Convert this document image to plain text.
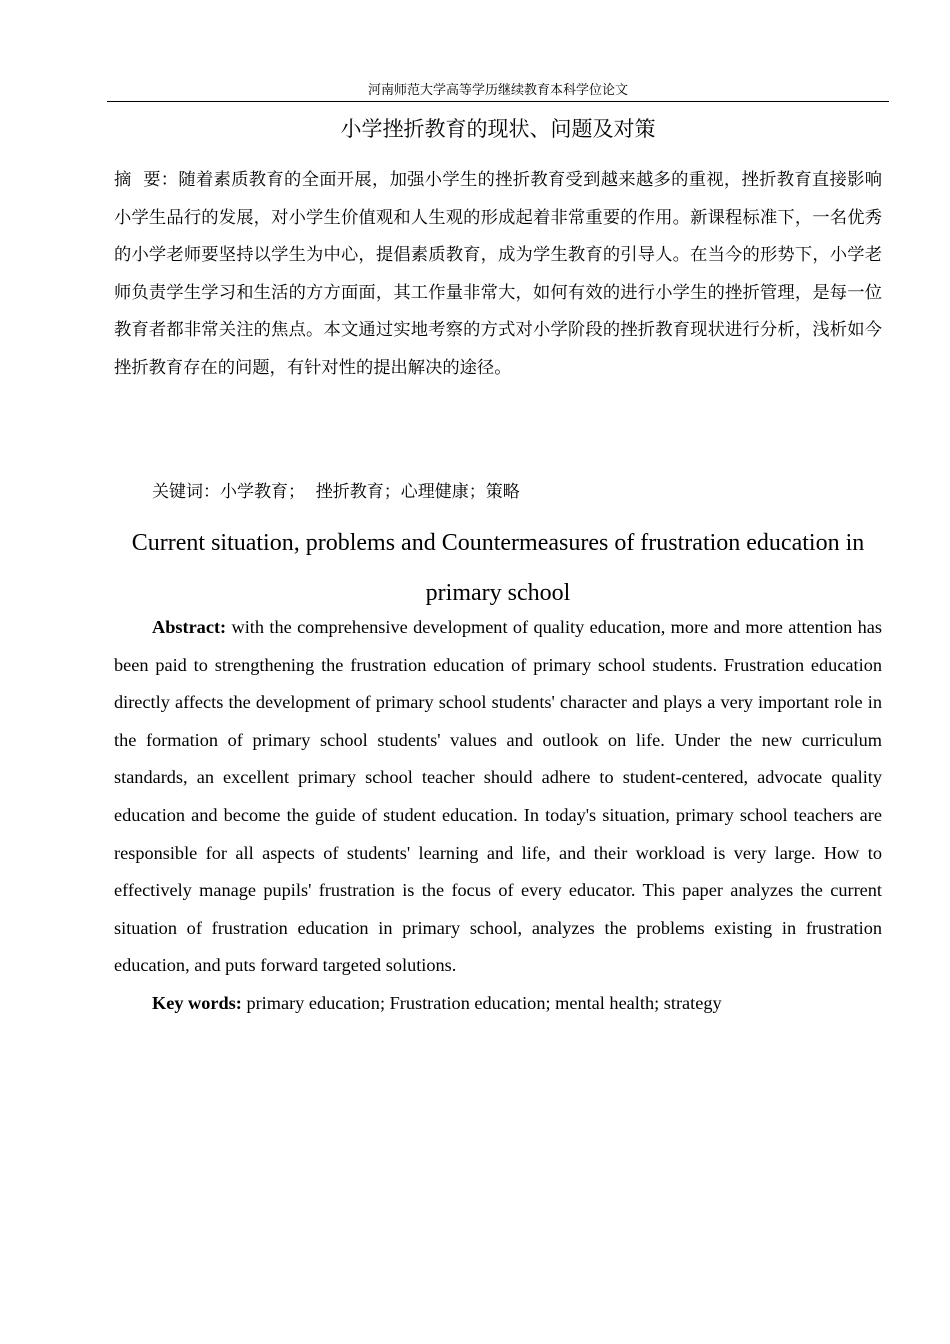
河南师范大学高等学历继续教育本科学位论文
小学挫折教育的现状、问题及对策
摘  要：随着素质教育的全面开展，加强小学生的挫折教育受到越来越多的重视，挫折教育直接影响小学生品行的发展，对小学生价值观和人生观的形成起着非常重要的作用。新课程标准下，一名优秀的小学老师要坚持以学生为中心，提倡素质教育，成为学生教育的引导人。在当今的形势下，小学老师负责学生学习和生活的方方面面，其工作量非常大，如何有效的进行小学生的挫折管理，是每一位教育者都非常关注的焦点。本文通过实地考察的方式对小学阶段的挫折教育现状进行分析，浅析如今挫折教育存在的问题，有针对性的提出解决的途径。
关键词：小学教育；  挫折教育；心理健康；策略
Current situation, problems and Countermeasures of frustration education in primary school
Abstract: with the comprehensive development of quality education, more and more attention has been paid to strengthening the frustration education of primary school students. Frustration education directly affects the development of primary school students' character and plays a very important role in the formation of primary school students' values and outlook on life. Under the new curriculum standards, an excellent primary school teacher should adhere to student-centered, advocate quality education and become the guide of student education. In today's situation, primary school teachers are responsible for all aspects of students' learning and life, and their workload is very large. How to effectively manage pupils' frustration is the focus of every educator. This paper analyzes the current situation of frustration education in primary school, analyzes the problems existing in frustration education, and puts forward targeted solutions.
Key words: primary education; Frustration education; mental health; strategy
